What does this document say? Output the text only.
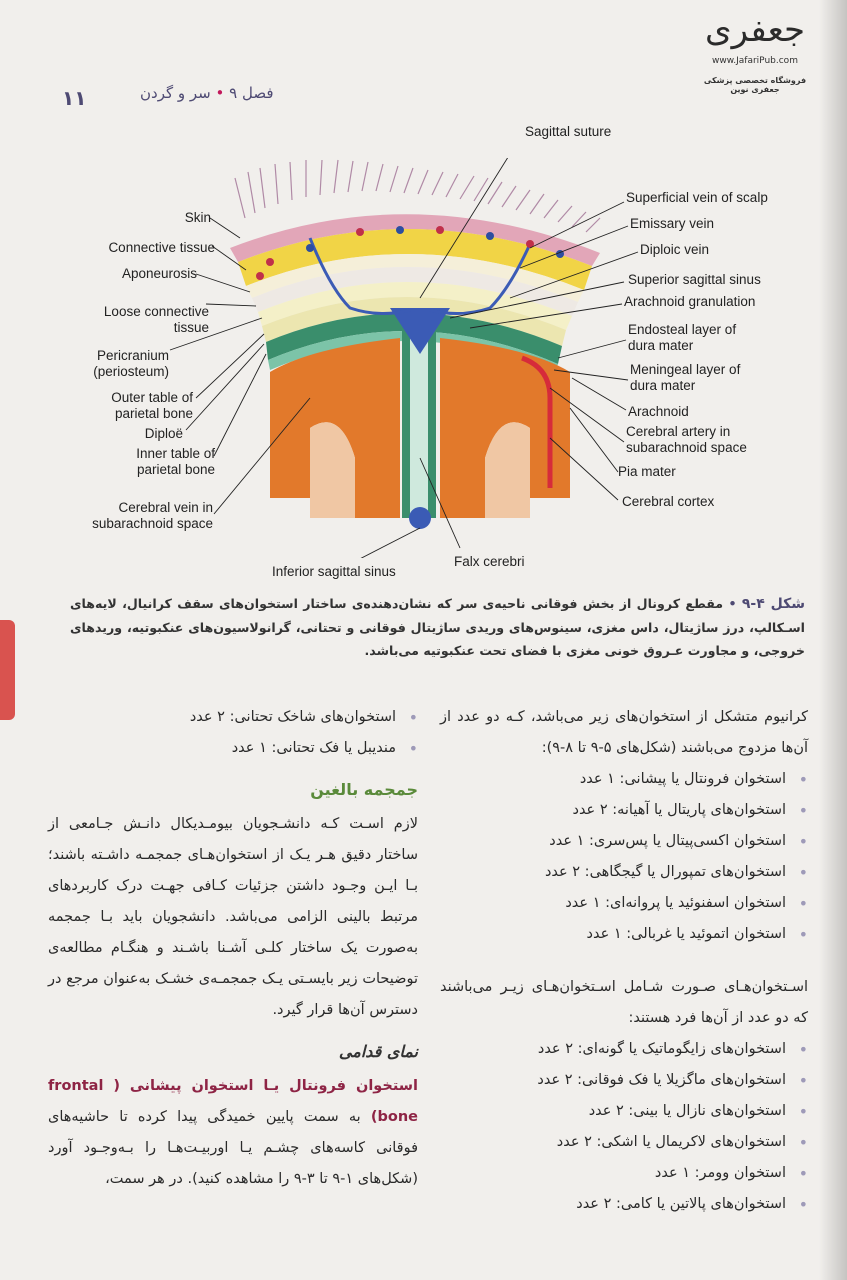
جعفری
www.JafariPub.com
فروشگاه تخصصی پزشکی جعفری نوین
۱۱	فصل ۹ • سر و گردن
Sagittal suture
Skin
Connective tissue
Aponeurosis
Loose connective tissue
Pericranium (periosteum)
Outer table of parietal bone
Diploë
Inner table of parietal bone
Cerebral vein in subarachnoid space
Superficial vein of scalp
Emissary vein
Diploic vein
Superior sagittal sinus
Arachnoid granulation
Endosteal layer of dura mater
Meningeal layer of dura mater
Arachnoid
Cerebral artery in subarachnoid space
Pia mater
Cerebral cortex
Inferior sagittal sinus
Falx cerebri
شکل ۴-۹ • مقطع کرونال از بخش فوقانی ناحیه‌ی سر که نشان‌دهنده‌ی ساختار استخوان‌های سقف کرانیال، لایه‌های اسـکالپ، درز ساژیتال، داس مغزی، سینوس‌های وریدی ساژیتال فوقانی و تحتانی، گرانولاسیون‌های عنکبوتیه، وریدهای خروجی، و مجاورت عـروق خونی مغزی با فضای تحت عنکبوتیه می‌باشد.

کرانیوم متشکل از استخوان‌های زیر می‌باشد، کـه دو عدد از آن‌ها مزدوج می‌باشند (شکل‌های ۵-۹ تا ۸-۹):

• استخوان فرونتال یا پیشانی: ۱ عدد
• استخوان‌های پاریتال یا آهیانه: ۲ عدد
• استخوان اکسی‌پیتال یا پس‌سری: ۱ عدد
• استخوان‌های تمپورال یا گیجگاهی: ۲ عدد
• استخوان اسفنوئید یا پروانه‌ای: ۱ عدد
• استخوان اتموئید یا غربالی: ۱ عدد

اسـتخوان‌هـای صـورت شـامل اسـتخوان‌هـای زیـر می‌باشند که دو عدد از آن‌ها فرد هستند:

• استخوان‌های زایگوماتیک یا گونه‌ای: ۲ عدد
• استخوان‌های ماگزیلا یا فک فوقانی: ۲ عدد
• استخوان‌های نازال یا بینی: ۲ عدد
• استخوان‌های لاکریمال یا اشکی: ۲ عدد
• استخوان وومر: ۱ عدد
• استخوان‌های پالاتین یا کامی: ۲ عدد
• استخوان‌های شاخک تحتانی: ۲ عدد
• مندیبل یا فک تحتانی: ۱ عدد
جمجمه بالغین

لازم اسـت کـه دانشـجویان بیومـدیکال دانـش جـامعی از ساختار دقیق هـر یـک از استخوان‌هـای جمجمـه داشـته باشند؛ بـا ایـن وجـود داشتن جزئیات کـافی جهـت درک کاربردهای مرتبط بالینی الزامی می‌باشد. دانشجویان باید بـا جمجمه به‌صورت یک ساختار کلـی آشـنا باشـند و هنگـام مطالعه‌ی توضیحات زیر بایسـتی یـک جمجمـه‌ی خشـک به‌عنوان مرجع در دسترس آن‌ها قرار گیرد.

نمای قدامی

استخوان فرونتال یـا استخوان پیشانی ( frontal bone) به سمت پایین خمیدگی پیدا کرده تا حاشیه‌های فوقانی کاسه‌های چشـم یـا اوربیـت‌هـا را بـه‌وجـود آورد (شکل‌های ۱-۹ تا ۳-۹ را مشاهده کنید). در هر سمت،
